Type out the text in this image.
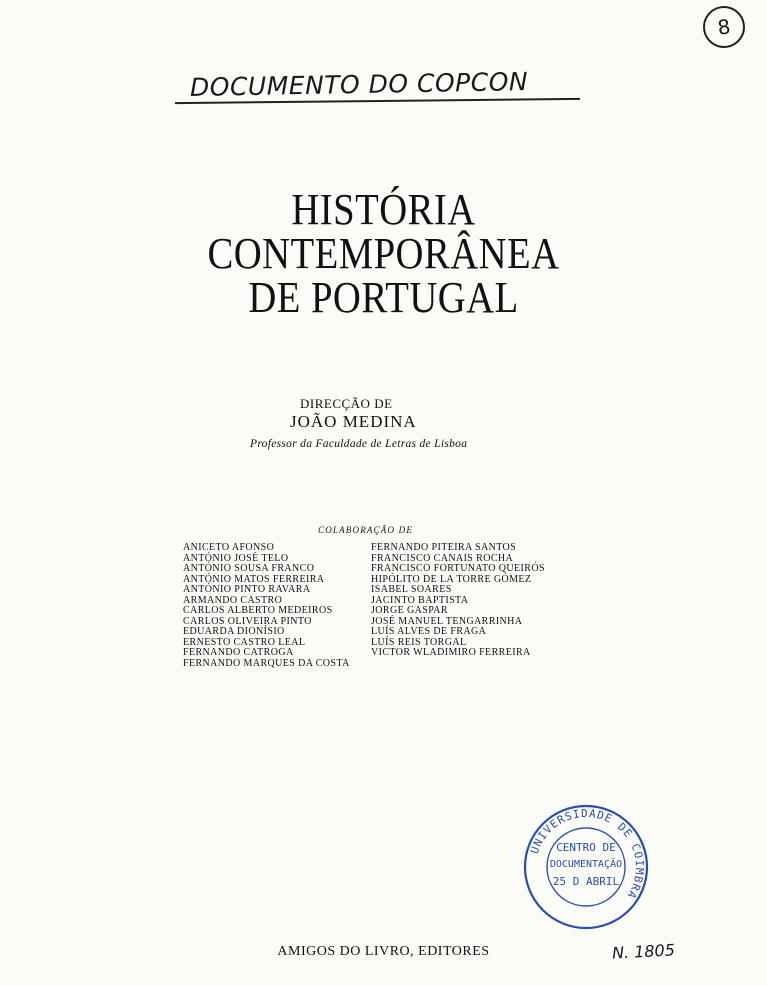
8
DOCUMENTO DO COPCON
HISTÓRIA
CONTEMPORÂNEA
DE PORTUGAL
DIRECÇÃO DE
JOÃO MEDINA
Professor da Faculdade de Letras de Lisboa
COLABORAÇÃO DE
ANICETO AFONSO
ANTÓNIO JOSÉ TELO
ANTÓNIO SOUSA FRANCO
ANTÓNIO MATOS FERREIRA
ANTÓNIO PINTO RAVARA
ARMANDO CASTRO
CARLOS ALBERTO MEDEIROS
CARLOS OLIVEIRA PINTO
EDUARDA DIONÍSIO
ERNESTO CASTRO LEAL
FERNANDO CATROGA
FERNANDO MARQUES DA COSTA
FERNANDO PITEIRA SANTOS
FRANCISCO CANAIS ROCHA
FRANCISCO FORTUNATO QUEIRÓS
HIPÓLITO DE LA TORRE GÓMEZ
ISABEL SOARES
JACINTO BAPTISTA
JORGE GASPAR
JOSÉ MANUEL TENGARRINHA
LUÍS ALVES DE FRAGA
LUÍS REIS TORGAL
VICTOR WLADIMIRO FERREIRA
UNIVERSIDADE DE COIMBRA
CENTRO DE
DOCUMENTAÇÃO
25 D ABRIL
AMIGOS DO LIVRO, EDITORES	N. 1805
